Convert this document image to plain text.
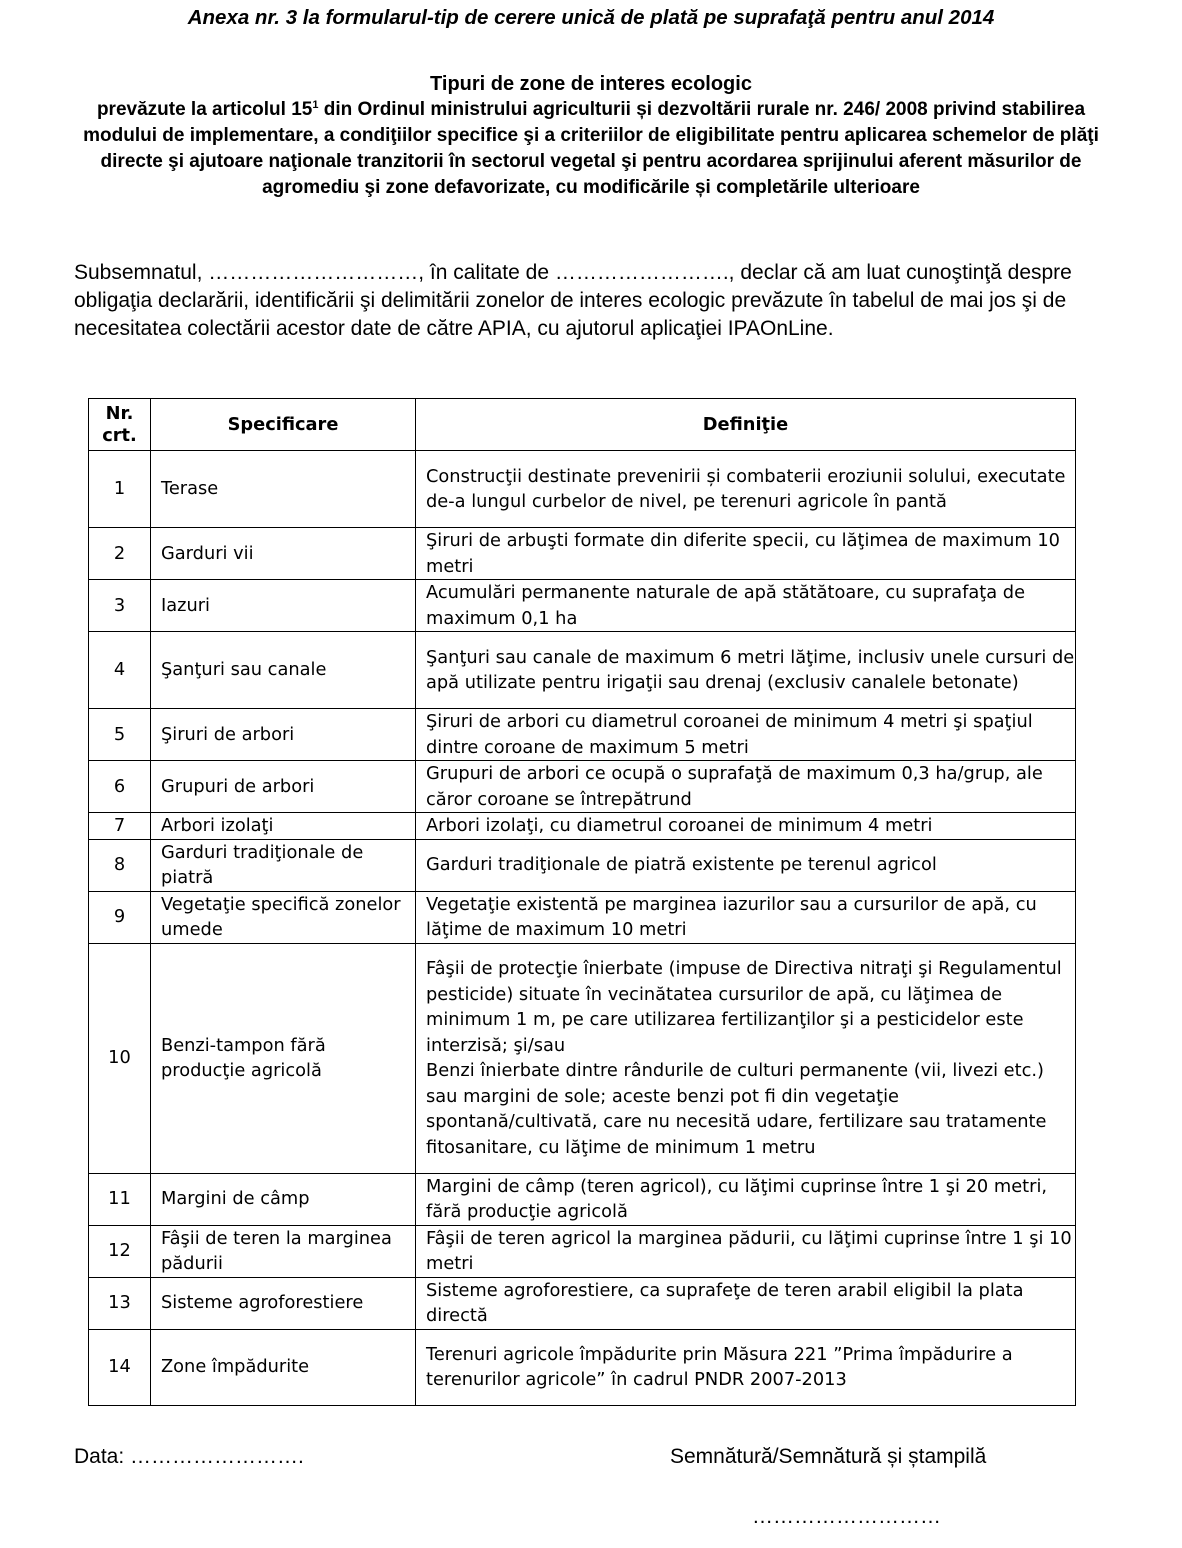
Anexa nr. 3 la formularul-tip de cerere unică de plată pe suprafaţă pentru anul 2014
Tipuri de zone de interes ecologic
prevăzute la articolul $15^1$ din Ordinul ministrului agriculturii și dezvoltării rurale nr. 246/ 2008 privind stabilirea modului de implementare, a condiţiilor specifice şi a criteriilor de eligibilitate pentru aplicarea schemelor de plăţi directe şi ajutoare naţionale tranzitorii în sectorul vegetal şi pentru acordarea sprijinului aferent măsurilor de agromediu şi zone defavorizate, cu modificările și completările ulterioare
Subsemnatul, …………………………, în calitate de ……………………., declar că am luat cunoştinţă despre obligaţia declarării, identificării şi delimitării zonelor de interes ecologic prevăzute în tabelul de mai jos şi de necesitatea colectării acestor date de către APIA, cu ajutorul aplicaţiei IPAOnLine.
Nr. crt.	Specificare	Definiţie
1	Terase	Construcţii destinate prevenirii și combaterii eroziunii solului, executate de-a lungul curbelor de nivel, pe terenuri agricole în pantă
2	Garduri vii	Şiruri de arbuşti formate din diferite specii, cu lăţimea de maximum 10 metri
3	Iazuri	Acumulări permanente naturale de apă stătătoare, cu suprafaţa de maximum 0,1 ha
4	Şanţuri sau canale	Şanţuri sau canale de maximum 6 metri lăţime, inclusiv unele cursuri de apă utilizate pentru irigaţii sau drenaj (exclusiv canalele betonate)
5	Şiruri de arbori	Şiruri de arbori cu diametrul coroanei de minimum 4 metri şi spaţiul dintre coroane de maximum 5 metri
6	Grupuri de arbori	Grupuri de arbori ce ocupă o suprafaţă de maximum 0,3 ha/grup, ale căror coroane se întrepătrund
7	Arbori izolaţi	Arbori izolaţi, cu diametrul coroanei de minimum 4 metri
8	Garduri tradiţionale de piatră	Garduri tradiţionale de piatră existente pe terenul agricol
9	Vegetaţie specifică zonelor umede	Vegetaţie existentă pe marginea iazurilor sau a cursurilor de apă, cu lăţime de maximum 10 metri
10	Benzi-tampon fără producţie agricolă	Fâşii de protecţie înierbate (impuse de Directiva nitraţi şi Regulamentul pesticide) situate în vecinătatea cursurilor de apă, cu lăţimea de minimum 1 m, pe care utilizarea fertilizanţilor şi a pesticidelor este interzisă; şi/sau
Benzi înierbate dintre rândurile de culturi permanente (vii, livezi etc.) sau margini de sole; aceste benzi pot fi din vegetaţie spontană/cultivată, care nu necesită udare, fertilizare sau tratamente fitosanitare, cu lăţime de minimum 1 metru
11	Margini de câmp	Margini de câmp (teren agricol), cu lăţimi cuprinse între 1 şi 20 metri, fără producţie agricolă
12	Fâşii de teren la marginea pădurii	Fâşii de teren agricol la marginea pădurii, cu lăţimi cuprinse între 1 şi 10 metri
13	Sisteme agroforestiere	Sisteme agroforestiere, ca suprafeţe de teren arabil eligibil la plata directă
14	Zone împădurite	Terenuri agricole împădurite prin Măsura 221 ”Prima împădurire a terenurilor agricole” în cadrul PNDR 2007-2013
Data: …………………….	Semnătură/Semnătură și ștampilă
………………………
